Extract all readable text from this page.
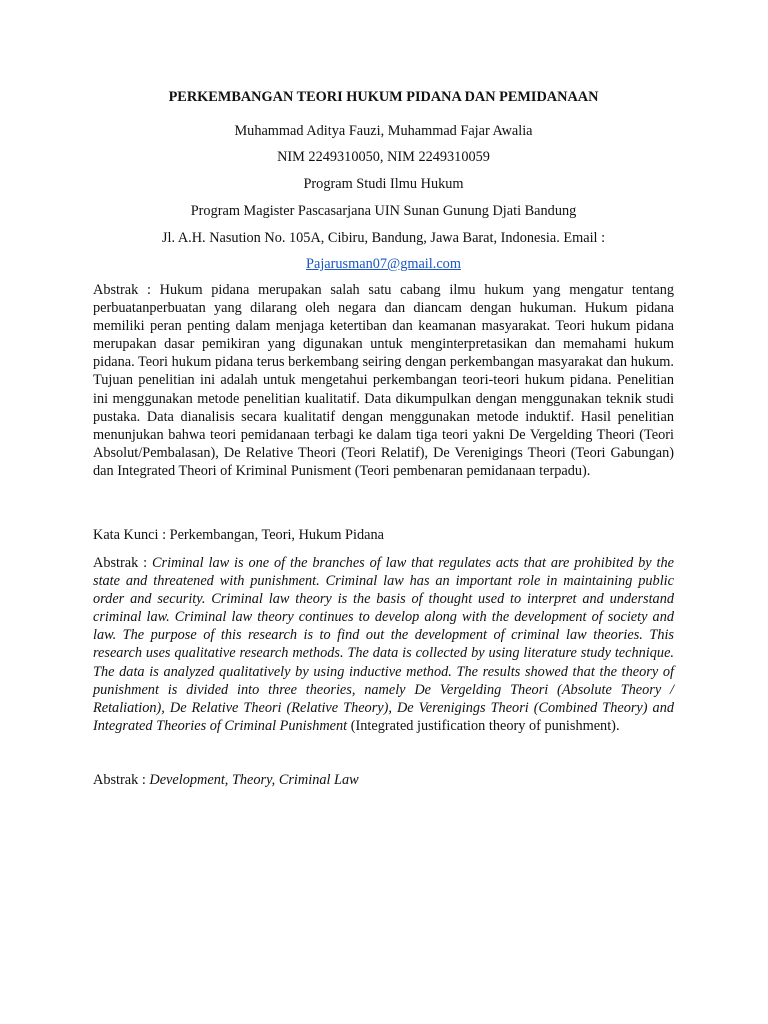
PERKEMBANGAN TEORI HUKUM PIDANA DAN PEMIDANAAN
Muhammad Aditya Fauzi, Muhammad Fajar Awalia
NIM 2249310050, NIM 2249310059
Program Studi Ilmu Hukum
Program Magister Pascasarjana UIN Sunan Gunung Djati Bandung
Jl. A.H. Nasution No. 105A, Cibiru, Bandung, Jawa Barat, Indonesia. Email :
Pajarusman07@gmail.com

Abstrak : Hukum pidana merupakan salah satu cabang ilmu hukum yang mengatur tentang perbuatanperbuatan yang dilarang oleh negara dan diancam dengan hukuman. Hukum pidana memiliki peran penting dalam menjaga ketertiban dan keamanan masyarakat. Teori hukum pidana merupakan dasar pemikiran yang digunakan untuk menginterpretasikan dan memahami hukum pidana. Teori hukum pidana terus berkembang seiring dengan perkembangan masyarakat dan hukum. Tujuan penelitian ini adalah untuk mengetahui perkembangan teori-teori hukum pidana. Penelitian ini menggunakan metode penelitian kualitatif. Data dikumpulkan dengan menggunakan teknik studi pustaka. Data dianalisis secara kualitatif dengan menggunakan metode induktif. Hasil penelitian menunjukan bahwa teori pemidanaan terbagi ke dalam tiga teori yakni De Vergelding Theori (Teori Absolut/Pembalasan), De Relative Theori (Teori Relatif), De Verenigings Theori (Teori Gabungan) dan Integrated Theori of Kriminal Punisment (Teori pembenaran pemidanaan terpadu).

Kata Kunci : Perkembangan, Teori, Hukum Pidana

Abstrak : Criminal law is one of the branches of law that regulates acts that are prohibited by the state and threatened with punishment. Criminal law has an important role in maintaining public order and security. Criminal law theory is the basis of thought used to interpret and understand criminal law. Criminal law theory continues to develop along with the development of society and law. The purpose of this research is to find out the development of criminal law theories. This research uses qualitative research methods. The data is collected by using literature study technique. The data is analyzed qualitatively by using inductive method. The results showed that the theory of punishment is divided into three theories, namely De Vergelding Theori (Absolute Theory / Retaliation), De Relative Theori (Relative Theory), De Verenigings Theori (Combined Theory) and Integrated Theories of Criminal Punishment (Integrated justification theory of punishment).

Abstrak : Development, Theory, Criminal Law
